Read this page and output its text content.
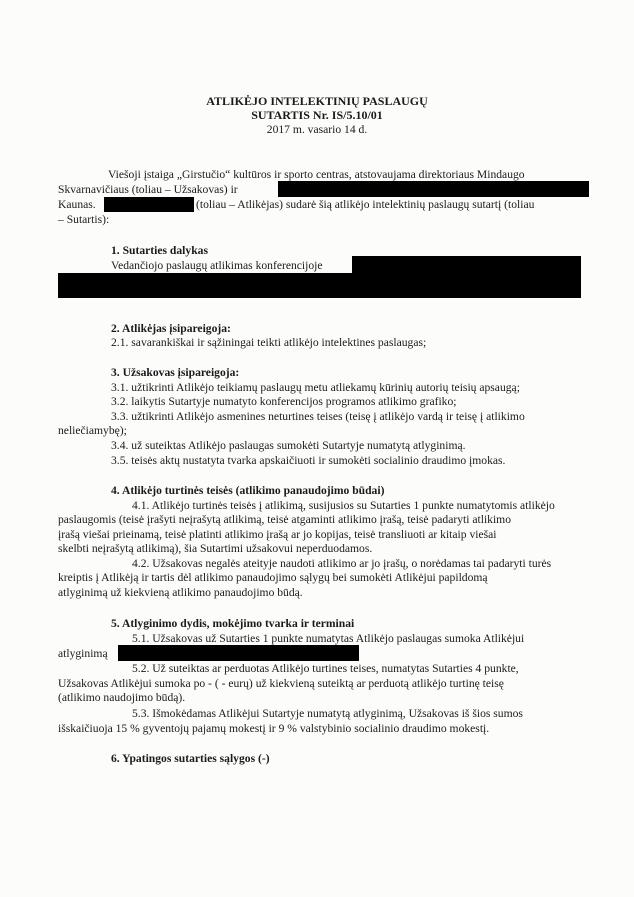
ATLIKĖJO INTELEKTINIŲ PASLAUGŲ
SUTARTIS Nr. IS/5.10/01
2017 m. vasario 14 d.
Viešoji įstaiga „Girstučio“ kultūros ir sporto centras, atstovaujama direktoriaus Mindaugo
Skvarnavičiaus (toliau – Užsakovas) ir
Kaunas.	(toliau – Atlikėjas) sudarė šią atlikėjo intelektinių paslaugų sutartį (toliau
– Sutartis):
1. Sutarties dalykas
Vedančiojo paslaugų atlikimas konferencijoje
2. Atlikėjas įsipareigoja:
2.1. savarankiškai ir sąžiningai teikti atlikėjo intelektines paslaugas;
3. Užsakovas įsipareigoja:
3.1. užtikrinti Atlikėjo teikiamų paslaugų metu atliekamų kūrinių autorių teisių apsaugą;
3.2. laikytis Sutartyje numatyto konferencijos programos atlikimo grafiko;
3.3. užtikrinti Atlikėjo asmenines neturtines teises (teisę į atlikėjo vardą ir teisę į atlikimo
neliečiamybę);
3.4. už suteiktas Atlikėjo paslaugas sumokėti Sutartyje numatytą atlyginimą.
3.5. teisės aktų nustatyta tvarka apskaičiuoti ir sumokėti socialinio draudimo įmokas.
4. Atlikėjo turtinės teisės (atlikimo panaudojimo būdai)
4.1. Atlikėjo turtinės teisės į atlikimą, susijusios su Sutarties 1 punkte numatytomis atlikėjo
paslaugomis (teisė įrašyti neįrašytą atlikimą, teisė atgaminti atlikimo įrašą, teisė padaryti atlikimo
įrašą viešai prieinamą, teisė platinti atlikimo įrašą ar jo kopijas, teisė transliuoti ar kitaip viešai
skelbti neįrašytą atlikimą), šia Sutartimi užsakovui neperduodamos.
4.2. Užsakovas negalės ateityje naudoti atlikimo ar jo įrašų, o norėdamas tai padaryti turės
kreiptis į Atlikėją ir tartis dėl atlikimo panaudojimo sąlygų bei sumokėti Atlikėjui papildomą
atlyginimą už kiekvieną atlikimo panaudojimo būdą.
5. Atlyginimo dydis, mokėjimo tvarka ir terminai
5.1. Užsakovas už Sutarties 1 punkte numatytas Atlikėjo paslaugas sumoka Atlikėjui
atlyginimą
5.2. Už suteiktas ar perduotas Atlikėjo turtines teises, numatytas Sutarties 4 punkte,
Užsakovas Atlikėjui sumoka po - ( - eurų) už kiekvieną suteiktą ar perduotą atlikėjo turtinę teisę
(atlikimo naudojimo būdą).
5.3. Išmokėdamas Atlikėjui Sutartyje numatytą atlyginimą, Užsakovas iš šios sumos
išskaičiuoja 15 % gyventojų pajamų mokestį ir 9 % valstybinio socialinio draudimo mokestį.
6. Ypatingos sutarties sąlygos (-)
